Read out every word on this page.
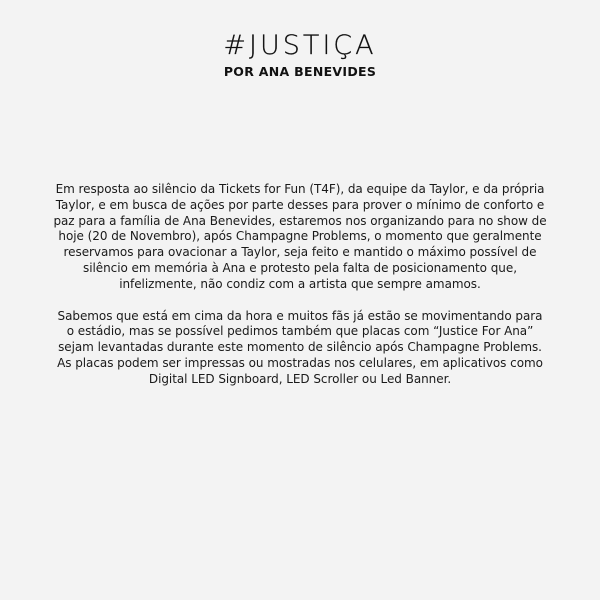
#JUSTIÇA
POR ANA BENEVIDES

Em resposta ao silêncio da Tickets for Fun (T4F), da equipe da Taylor, e da própria Taylor, e em busca de ações por parte desses para prover o mínimo de conforto e paz para a família de Ana Benevides, estaremos nos organizando para no show de hoje (20 de Novembro), após Champagne Problems, o momento que geralmente reservamos para ovacionar a Taylor, seja feito e mantido o máximo possível de silêncio em memória à Ana e protesto pela falta de posicionamento que, infelizmente, não condiz com a artista que sempre amamos.

Sabemos que está em cima da hora e muitos fãs já estão se movimentando para o estádio, mas se possível pedimos também que placas com “Justice For Ana” sejam levantadas durante este momento de silêncio após Champagne Problems. As placas podem ser impressas ou mostradas nos celulares, em aplicativos como Digital LED Signboard, LED Scroller ou Led Banner.
